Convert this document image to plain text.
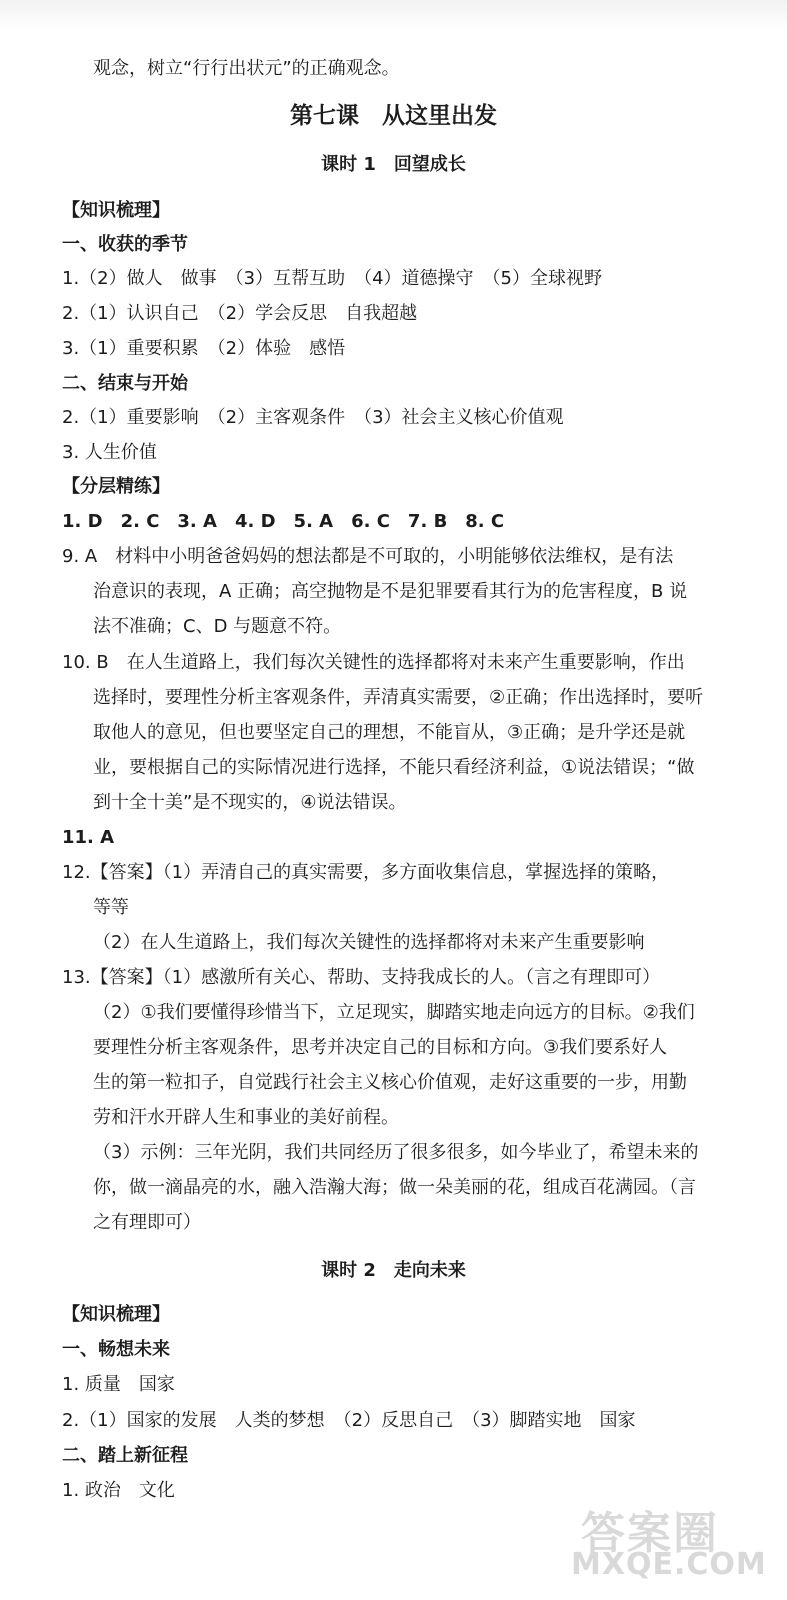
观念，树立“行行出状元”的正确观念。
第七课　从这里出发
课时 1　回望成长
【知识梳理】
一、收获的季节
1.（2）做人　做事　（3）互帮互助　（4）道德操守　（5）全球视野
2.（1）认识自己　（2）学会反思　自我超越
3.（1）重要积累　（2）体验　感悟
二、结束与开始
2.（1）重要影响　（2）主客观条件　（3）社会主义核心价值观
3. 人生价值
【分层精练】
1. D　2. C　3. A　4. D　5. A　6. C　7. B　8. C
9. A　材料中小明爸爸妈妈的想法都是不可取的，小明能够依法维权，是有法
治意识的表现，A 正确；高空抛物是不是犯罪要看其行为的危害程度，B 说
法不准确；C、D 与题意不符。
10. B　在人生道路上，我们每次关键性的选择都将对未来产生重要影响，作出
选择时，要理性分析主客观条件，弄清真实需要，②正确；作出选择时，要听
取他人的意见，但也要坚定自己的理想，不能盲从，③正确；是升学还是就
业，要根据自己的实际情况进行选择，不能只看经济利益，①说法错误；“做
到十全十美”是不现实的，④说法错误。
11. A
12.【答案】（1）弄清自己的真实需要，多方面收集信息，掌握选择的策略，
等等
（2）在人生道路上，我们每次关键性的选择都将对未来产生重要影响
13.【答案】（1）感激所有关心、帮助、支持我成长的人。（言之有理即可）
（2）①我们要懂得珍惜当下，立足现实，脚踏实地走向远方的目标。②我们
要理性分析主客观条件，思考并决定自己的目标和方向。③我们要系好人
生的第一粒扣子，自觉践行社会主义核心价值观，走好这重要的一步，用勤
劳和汗水开辟人生和事业的美好前程。
（3）示例：三年光阴，我们共同经历了很多很多，如今毕业了，希望未来的
你，做一滴晶亮的水，融入浩瀚大海；做一朵美丽的花，组成百花满园。（言
之有理即可）
课时 2　走向未来
【知识梳理】
一、畅想未来
1. 质量　国家
2.（1）国家的发展　人类的梦想　（2）反思自己　（3）脚踏实地　国家
二、踏上新征程
1. 政治　文化
答案圈
MXQE.COM
